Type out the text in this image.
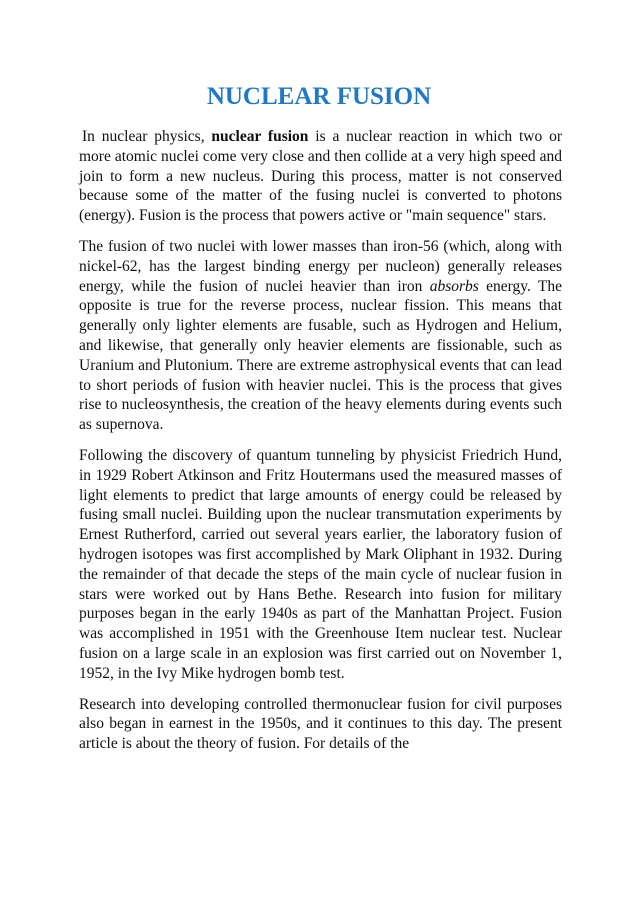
NUCLEAR FUSION

In nuclear physics, nuclear fusion is a nuclear reaction in which two or more atomic nuclei come very close and then collide at a very high speed and join to form a new nucleus. During this process, matter is not conserved because some of the matter of the fusing nuclei is converted to photons (energy). Fusion is the process that powers active or "main sequence" stars.

The fusion of two nuclei with lower masses than iron-56 (which, along with nickel-62, has the largest binding energy per nucleon) generally releases energy, while the fusion of nuclei heavier than iron absorbs energy. The opposite is true for the reverse process, nuclear fission. This means that generally only lighter elements are fusable, such as Hydrogen and Helium, and likewise, that generally only heavier elements are fissionable, such as Uranium and Plutonium. There are extreme astrophysical events that can lead to short periods of fusion with heavier nuclei. This is the process that gives rise to nucleosynthesis, the creation of the heavy elements during events such as supernova.

Following the discovery of quantum tunneling by physicist Friedrich Hund, in 1929 Robert Atkinson and Fritz Houtermans used the measured masses of light elements to predict that large amounts of energy could be released by fusing small nuclei. Building upon the nuclear transmutation experiments by Ernest Rutherford, carried out several years earlier, the laboratory fusion of hydrogen isotopes was first accomplished by Mark Oliphant in 1932. During the remainder of that decade the steps of the main cycle of nuclear fusion in stars were worked out by Hans Bethe. Research into fusion for military purposes began in the early 1940s as part of the Manhattan Project. Fusion was accomplished in 1951 with the Greenhouse Item nuclear test. Nuclear fusion on a large scale in an explosion was first carried out on November 1, 1952, in the Ivy Mike hydrogen bomb test.

Research into developing controlled thermonuclear fusion for civil purposes also began in earnest in the 1950s, and it continues to this day. The present article is about the theory of fusion. For details of the
